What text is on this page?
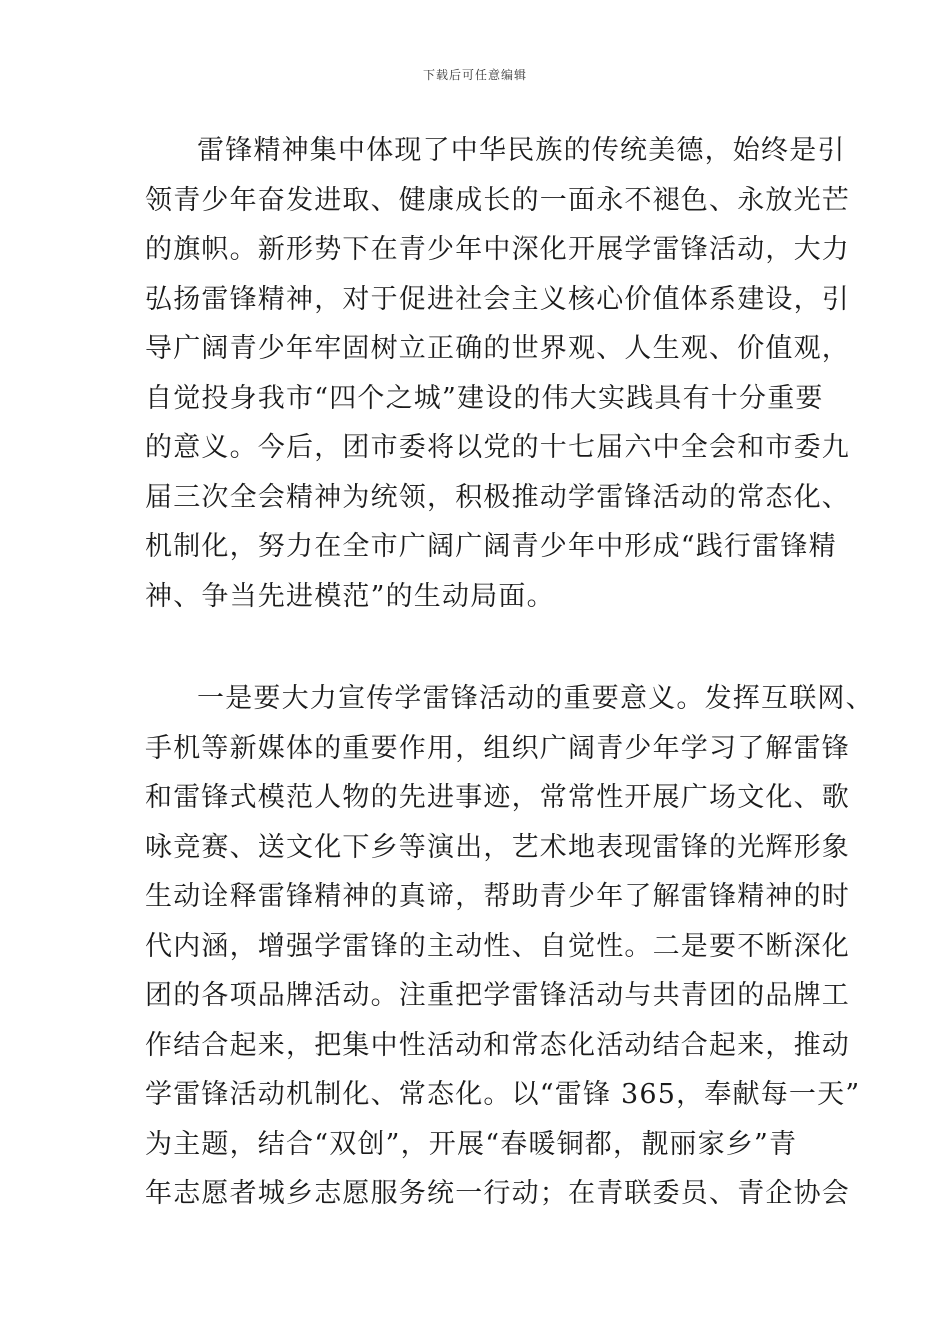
下载后可任意编辑
雷锋精神集中体现了中华民族的传统美德，始终是引
领青少年奋发进取、健康成长的一面永不褪色、永放光芒
的旗帜。新形势下在青少年中深化开展学雷锋活动，大力
弘扬雷锋精神，对于促进社会主义核心价值体系建设，引
导广阔青少年牢固树立正确的世界观、人生观、价值观，
自觉投身我市“四个之城”建设的伟大实践具有十分重要
的意义。今后，团市委将以党的十七届六中全会和市委九
届三次全会精神为统领，积极推动学雷锋活动的常态化、
机制化，努力在全市广阔广阔青少年中形成“践行雷锋精
神、争当先进模范”的生动局面。
一是要大力宣传学雷锋活动的重要意义。发挥互联网、
手机等新媒体的重要作用，组织广阔青少年学习了解雷锋
和雷锋式模范人物的先进事迹，常常性开展广场文化、歌
咏竞赛、送文化下乡等演出，艺术地表现雷锋的光辉形象
生动诠释雷锋精神的真谛，帮助青少年了解雷锋精神的时
代内涵，增强学雷锋的主动性、自觉性。二是要不断深化
团的各项品牌活动。注重把学雷锋活动与共青团的品牌工
作结合起来，把集中性活动和常态化活动结合起来，推动
学雷锋活动机制化、常态化。以“雷锋 365，奉献每一天”
为主题，结合“双创”，开展“春暖铜都，靓丽家乡”青
年志愿者城乡志愿服务统一行动；在青联委员、青企协会
